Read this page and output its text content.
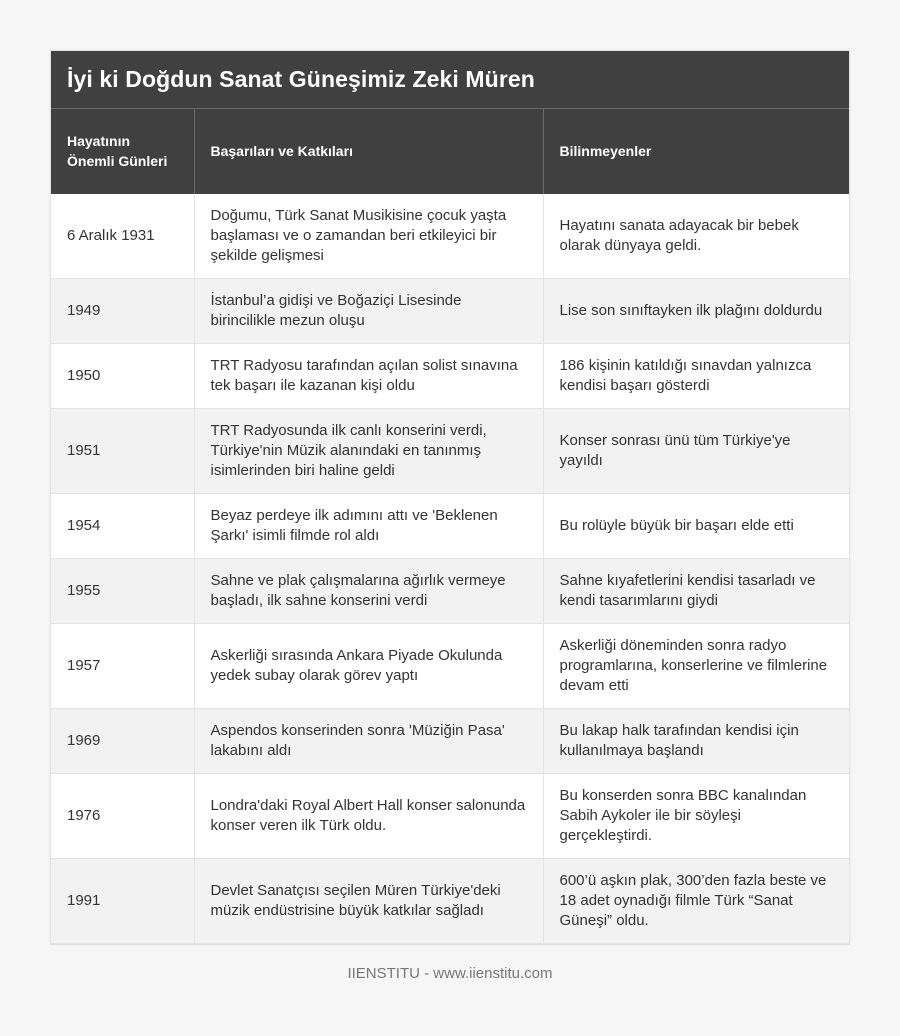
İyi ki Doğdun Sanat Güneşimiz Zeki Müren
Hayatının Önemli Günleri	Başarıları ve Katkıları	Bilinmeyenler
6 Aralık 1931	Doğumu, Türk Sanat Musikisine çocuk yaşta başlaması ve o zamandan beri etkileyici bir şekilde gelişmesi	Hayatını sanata adayacak bir bebek olarak dünyaya geldi.
1949	İstanbul’a gidişi ve Boğaziçi Lisesinde birincilikle mezun oluşu	Lise son sınıftayken ilk plağını doldurdu
1950	TRT Radyosu tarafından açılan solist sınavına tek başarı ile kazanan kişi oldu	186 kişinin katıldığı sınavdan yalnızca kendisi başarı gösterdi
1951	TRT Radyosunda ilk canlı konserini verdi, Türkiye'nin Müzik alanındaki en tanınmış isimlerinden biri haline geldi	Konser sonrası ünü tüm Türkiye'ye yayıldı
1954	Beyaz perdeye ilk adımını attı ve 'Beklenen Şarkı' isimli filmde rol aldı	Bu rolüyle büyük bir başarı elde etti
1955	Sahne ve plak çalışmalarına ağırlık vermeye başladı, ilk sahne konserini verdi	Sahne kıyafetlerini kendisi tasarladı ve kendi tasarımlarını giydi
1957	Askerliği sırasında Ankara Piyade Okulunda yedek subay olarak görev yaptı	Askerliği döneminden sonra radyo programlarına, konserlerine ve filmlerine devam etti
1969	Aspendos konserinden sonra 'Müziğin Pasa' lakabını aldı	Bu lakap halk tarafından kendisi için kullanılmaya başlandı
1976	Londra'daki Royal Albert Hall konser salonunda konser veren ilk Türk oldu.	Bu konserden sonra BBC kanalından Sabih Aykoler ile bir söyleşi gerçekleştirdi.
1991	Devlet Sanatçısı seçilen Müren Türkiye'deki müzik endüstrisine büyük katkılar sağladı	600’ü aşkın plak, 300’den fazla beste ve 18 adet oynadığı filmle Türk “Sanat Güneşi” oldu.
IIENSTITU - www.iienstitu.com
